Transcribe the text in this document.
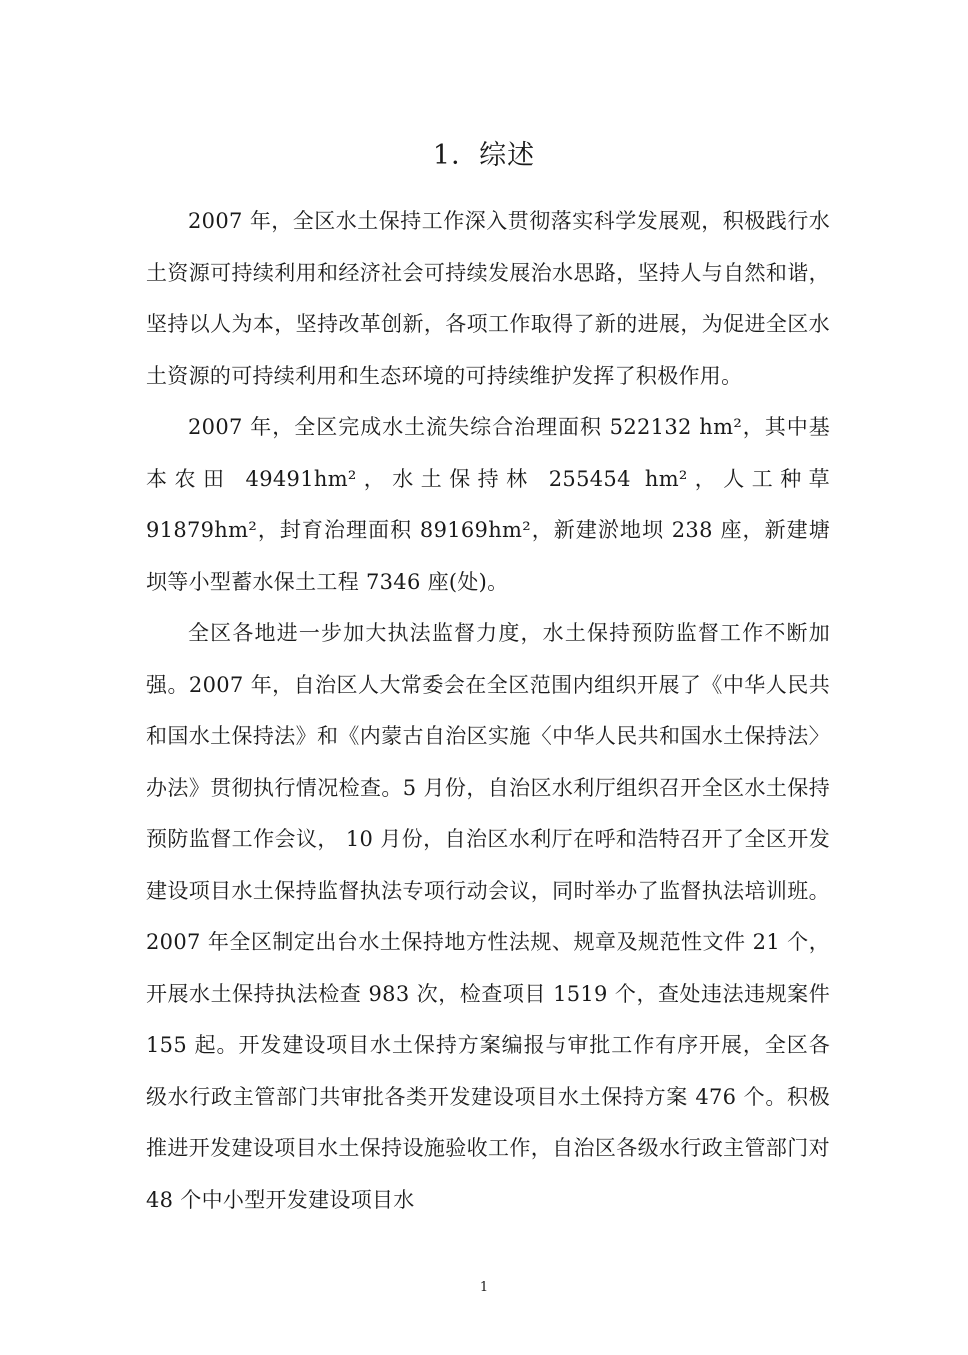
1．综述

2007 年，全区水土保持工作深入贯彻落实科学发展观，积极践行水土资源可持续利用和经济社会可持续发展治水思路，坚持人与自然和谐，坚持以人为本，坚持改革创新，各项工作取得了新的进展，为促进全区水土资源的可持续利用和生态环境的可持续维护发挥了积极作用。

2007 年，全区完成水土流失综合治理面积 522132 hm²，其中基本农田 49491hm²，水土保持林 255454 hm²，人工种草 91879hm²，封育治理面积 89169hm²，新建淤地坝 238 座，新建塘坝等小型蓄水保土工程 7346 座(处)。

全区各地进一步加大执法监督力度，水土保持预防监督工作不断加强。2007 年，自治区人大常委会在全区范围内组织开展了《中华人民共和国水土保持法》和《内蒙古自治区实施〈中华人民共和国水土保持法〉办法》贯彻执行情况检查。5 月份，自治区水利厅组织召开全区水土保持预防监督工作会议， 10 月份，自治区水利厅在呼和浩特召开了全区开发建设项目水土保持监督执法专项行动会议，同时举办了监督执法培训班。2007 年全区制定出台水土保持地方性法规、规章及规范性文件 21 个，开展水土保持执法检查 983 次，检查项目 1519 个，查处违法违规案件 155 起。开发建设项目水土保持方案编报与审批工作有序开展，全区各级水行政主管部门共审批各类开发建设项目水土保持方案 476 个。积极推进开发建设项目水土保持设施验收工作，自治区各级水行政主管部门对 48 个中小型开发建设项目水

1
